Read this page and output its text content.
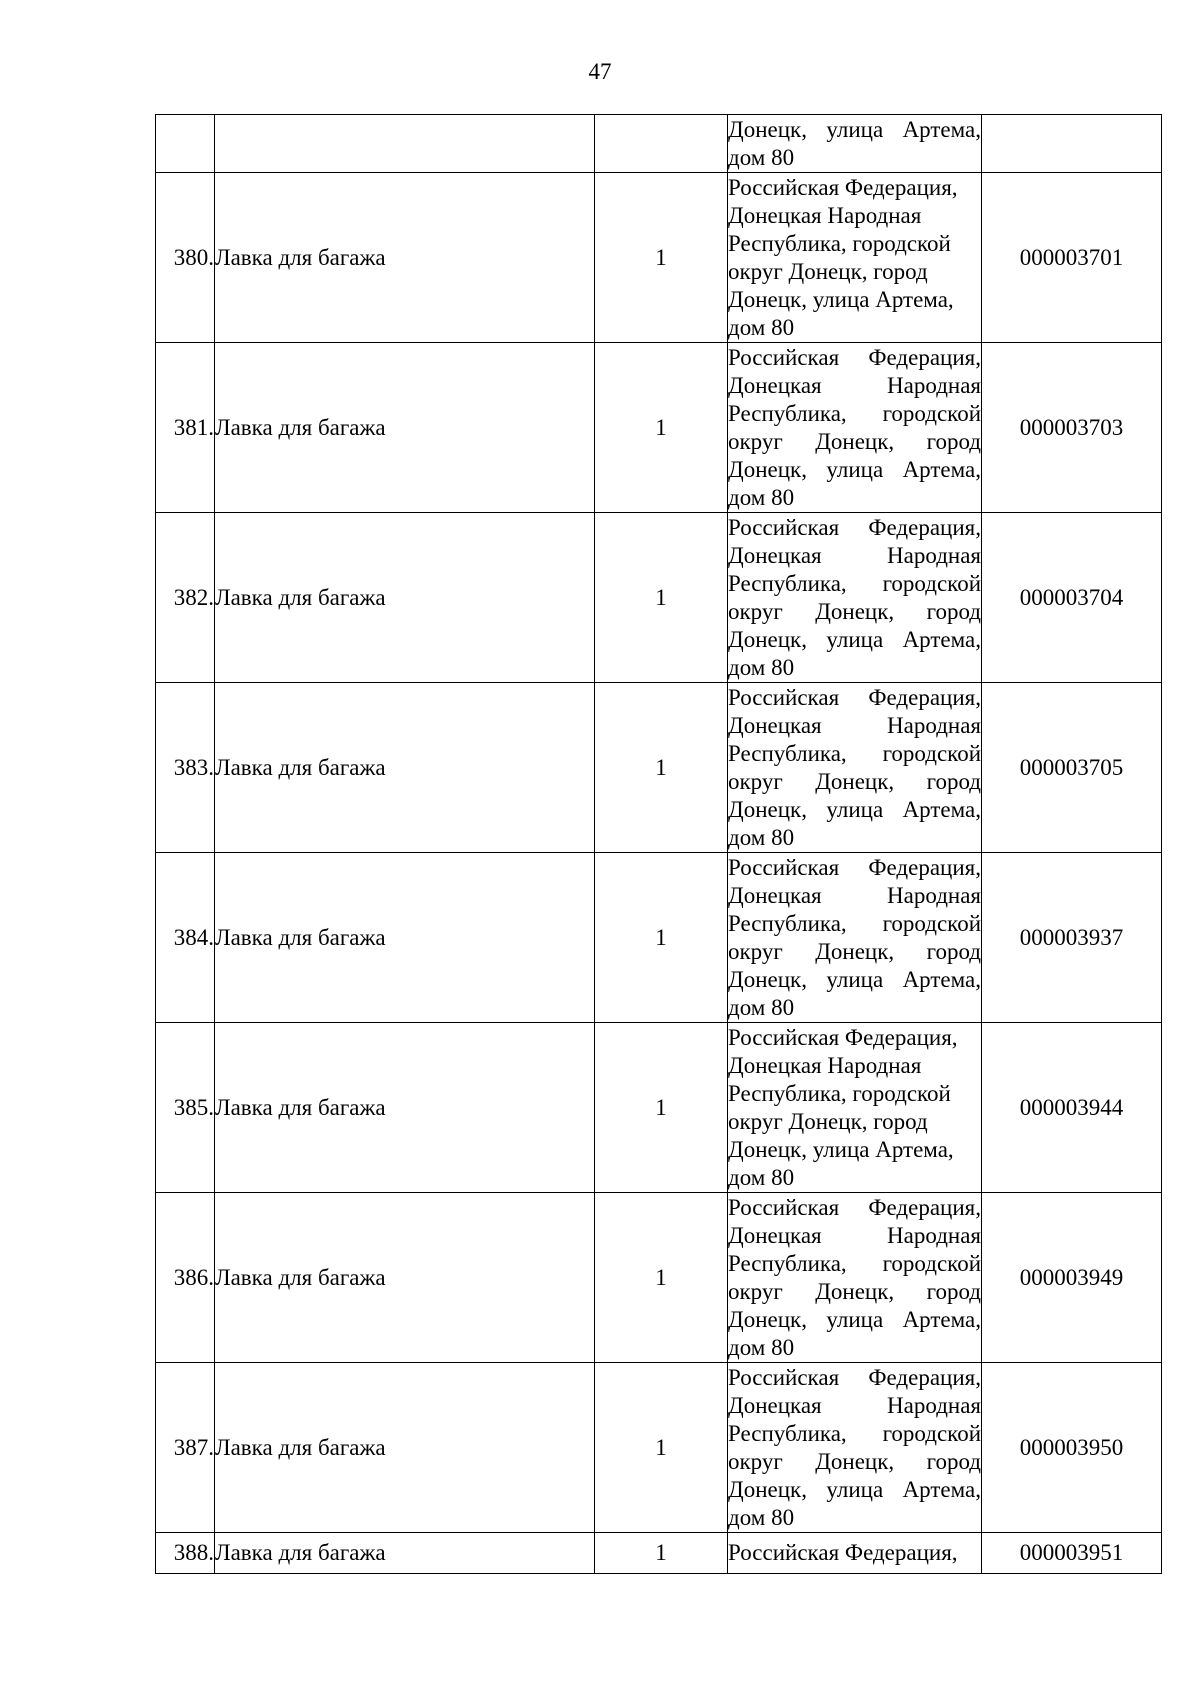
47
			Донецк, улица Артема, дом 80	
380.	Лавка для багажа	1	Российская Федерация, Донецкая Народная Республика, городской округ Донецк, город Донецк, улица Артема, дом 80	000003701
381.	Лавка для багажа	1	Российская Федерация, Донецкая Народная Республика, городской округ Донецк, город Донецк, улица Артема, дом 80	000003703
382.	Лавка для багажа	1	Российская Федерация, Донецкая Народная Республика, городской округ Донецк, город Донецк, улица Артема, дом 80	000003704
383.	Лавка для багажа	1	Российская Федерация, Донецкая Народная Республика, городской округ Донецк, город Донецк, улица Артема, дом 80	000003705
384.	Лавка для багажа	1	Российская Федерация, Донецкая Народная Республика, городской округ Донецк, город Донецк, улица Артема, дом 80	000003937
385.	Лавка для багажа	1	Российская Федерация, Донецкая Народная Республика, городской округ Донецк, город Донецк, улица Артема, дом 80	000003944
386.	Лавка для багажа	1	Российская Федерация, Донецкая Народная Республика, городской округ Донецк, город Донецк, улица Артема, дом 80	000003949
387.	Лавка для багажа	1	Российская Федерация, Донецкая Народная Республика, городской округ Донецк, город Донецк, улица Артема, дом 80	000003950
388.	Лавка для багажа	1	Российская Федерация,	000003951
